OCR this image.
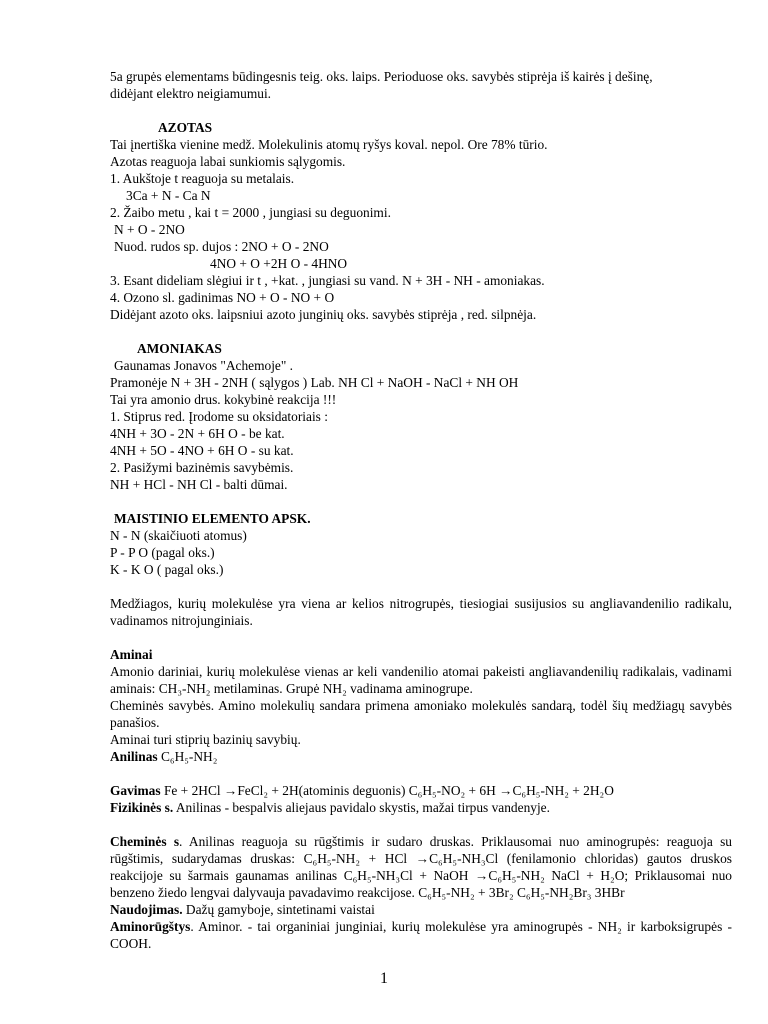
5a grupės elementams būdingesnis teig. oks. laips. Perioduose oks. savybės stiprėja iš kairės į dešinę,

didėjant elektro neigiamumui.

AZOTAS

Tai įnertiška vienine medž. Molekulinis atomų ryšys koval. nepol. Ore 78% tūrio.

Azotas reaguoja labai sunkiomis sąlygomis.

1. Aukštoje t reaguoja su metalais.

3Ca + N - Ca N

2. Žaibo metu , kai t = 2000 , jungiasi su deguonimi.

N + O - 2NO

Nuod. rudos sp. dujos : 2NO + O - 2NO

4NO + O +2H O - 4HNO

3. Esant dideliam slėgiui ir t , +kat. , jungiasi su vand. N + 3H - NH - amoniakas.

4. Ozono sl. gadinimas NO + O - NO + O

Didėjant azoto oks. laipsniui azoto junginių oks. savybės stiprėja , red. silpnėja.

AMONIAKAS

Gaunamas Jonavos "Achemoje" .

Pramonėje N + 3H - 2NH ( sąlygos ) Lab. NH Cl + NaOH - NaCl + NH OH

Tai yra amonio drus. kokybinė reakcija !!!

1. Stiprus red. Įrodome su oksidatoriais :

4NH + 3O - 2N + 6H O - be kat.

4NH + 5O - 4NO + 6H O - su kat.

2. Pasižymi bazinėmis savybėmis.

NH + HCl - NH Cl - balti dūmai.

MAISTINIO ELEMENTO APSK.

N - N (skaičiuoti atomus)

P - P O (pagal oks.)

K - K O ( pagal oks.)

Medžiagos, kurių molekulėse yra viena ar kelios nitrogrupės, tiesiogiai susijusios su angliavandenilio radikalu, vadinamos nitrojunginiais.

Aminai

Amonio dariniai, kurių molekulėse vienas ar keli vandenilio atomai pakeisti angliavandenilių radikalais, vadinami aminais: CH₃-NH₂ metilaminas. Grupė NH₂ vadinama aminogrupe.

Cheminės savybės. Amino molekulių sandara primena amoniako molekulės sandarą, todėl šių medžiagų savybės panašios.

Aminai turi stiprių bazinių savybių.

Anilinas C₆H₅-NH₂

Gavimas Fe + 2HCl →FeCl₂ + 2H(atominis deguonis) C₆H₅-NO₂ + 6H →C₆H₅-NH₂ + 2H₂O

Fizikinės s. Anilinas - bespalvis aliejaus pavidalo skystis, mažai tirpus vandenyje.

Cheminės s. Anilinas reaguoja su rūgštimis ir sudaro druskas. Priklausomai nuo aminogrupės: reaguoja su rūgštimis, sudarydamas druskas: C₆H₅-NH₂ + HCl →C₆H₅-NH₃Cl (fenilamonio chloridas) gautos druskos reakcijoje su šarmais gaunamas anilinas C₆H₅-NH₃Cl + NaOH →C₆H₅-NH₂ NaCl + H₂O; Priklausomai nuo benzeno žiedo lengvai dalyvauja pavadavimo reakcijose. C₆H₅-NH₂ + 3Br₂ C₆H₅-NH₂Br₃ 3HBr

Naudojimas. Dažų gamyboje, sintetinami vaistai

Aminorūgštys. Aminor. - tai organiniai junginiai, kurių molekulėse yra aminogrupės - NH₂ ir karboksigrupės - COOH.

1
